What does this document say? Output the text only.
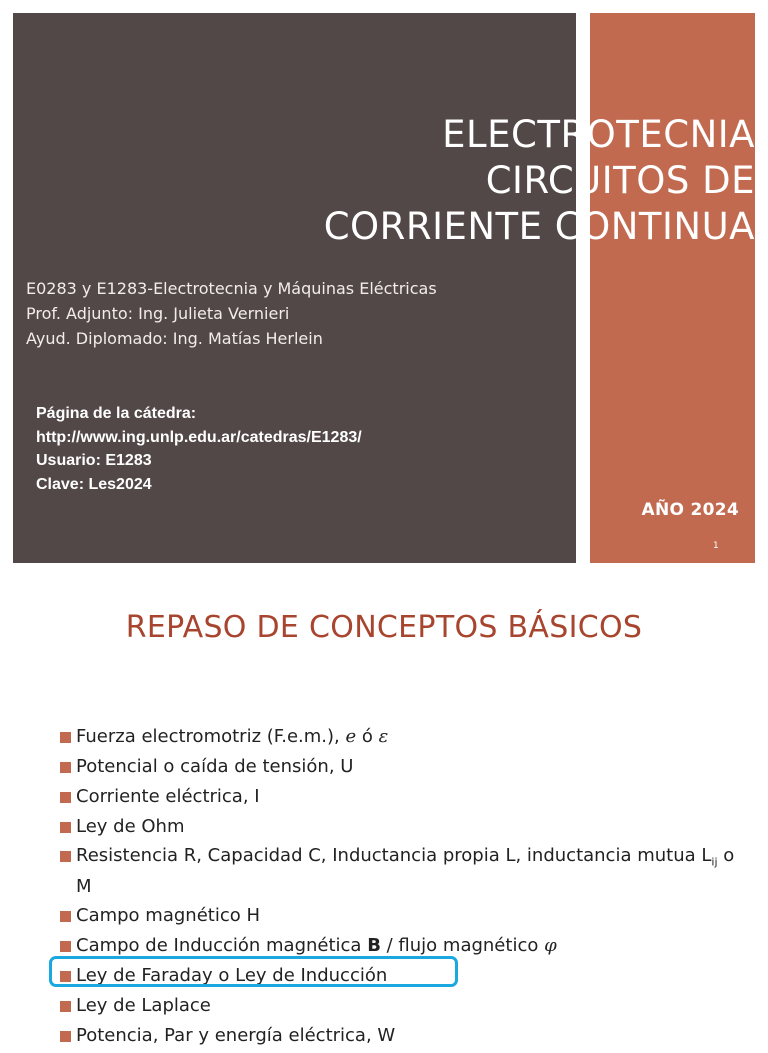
AÑO 2024
1
ELECTROTECNIA
CIRCUITOS DE
CORRIENTE CONTINUA
E0283 y E1283-Electrotecnia y Máquinas Eléctricas
Prof. Adjunto: Ing. Julieta Vernieri
Ayud. Diplomado: Ing. Matías Herlein
Página de la cátedra:
http://www.ing.unlp.edu.ar/catedras/E1283/
Usuario: E1283
Clave: Les2024
REPASO DE CONCEPTOS BÁSICOS
Fuerza electromotriz (F.e.m.), e ó ε
Potencial o caída de tensión, U
Corriente eléctrica, I
Ley de Ohm
Resistencia R, Capacidad C, Inductancia propia L, inductancia mutua $L_{ij}$ o M
Campo magnético H
Campo de Inducción magnética B / flujo magnético φ
Ley de Faraday o Ley de Inducción
Ley de Laplace
Potencia, Par y energía eléctrica, W
